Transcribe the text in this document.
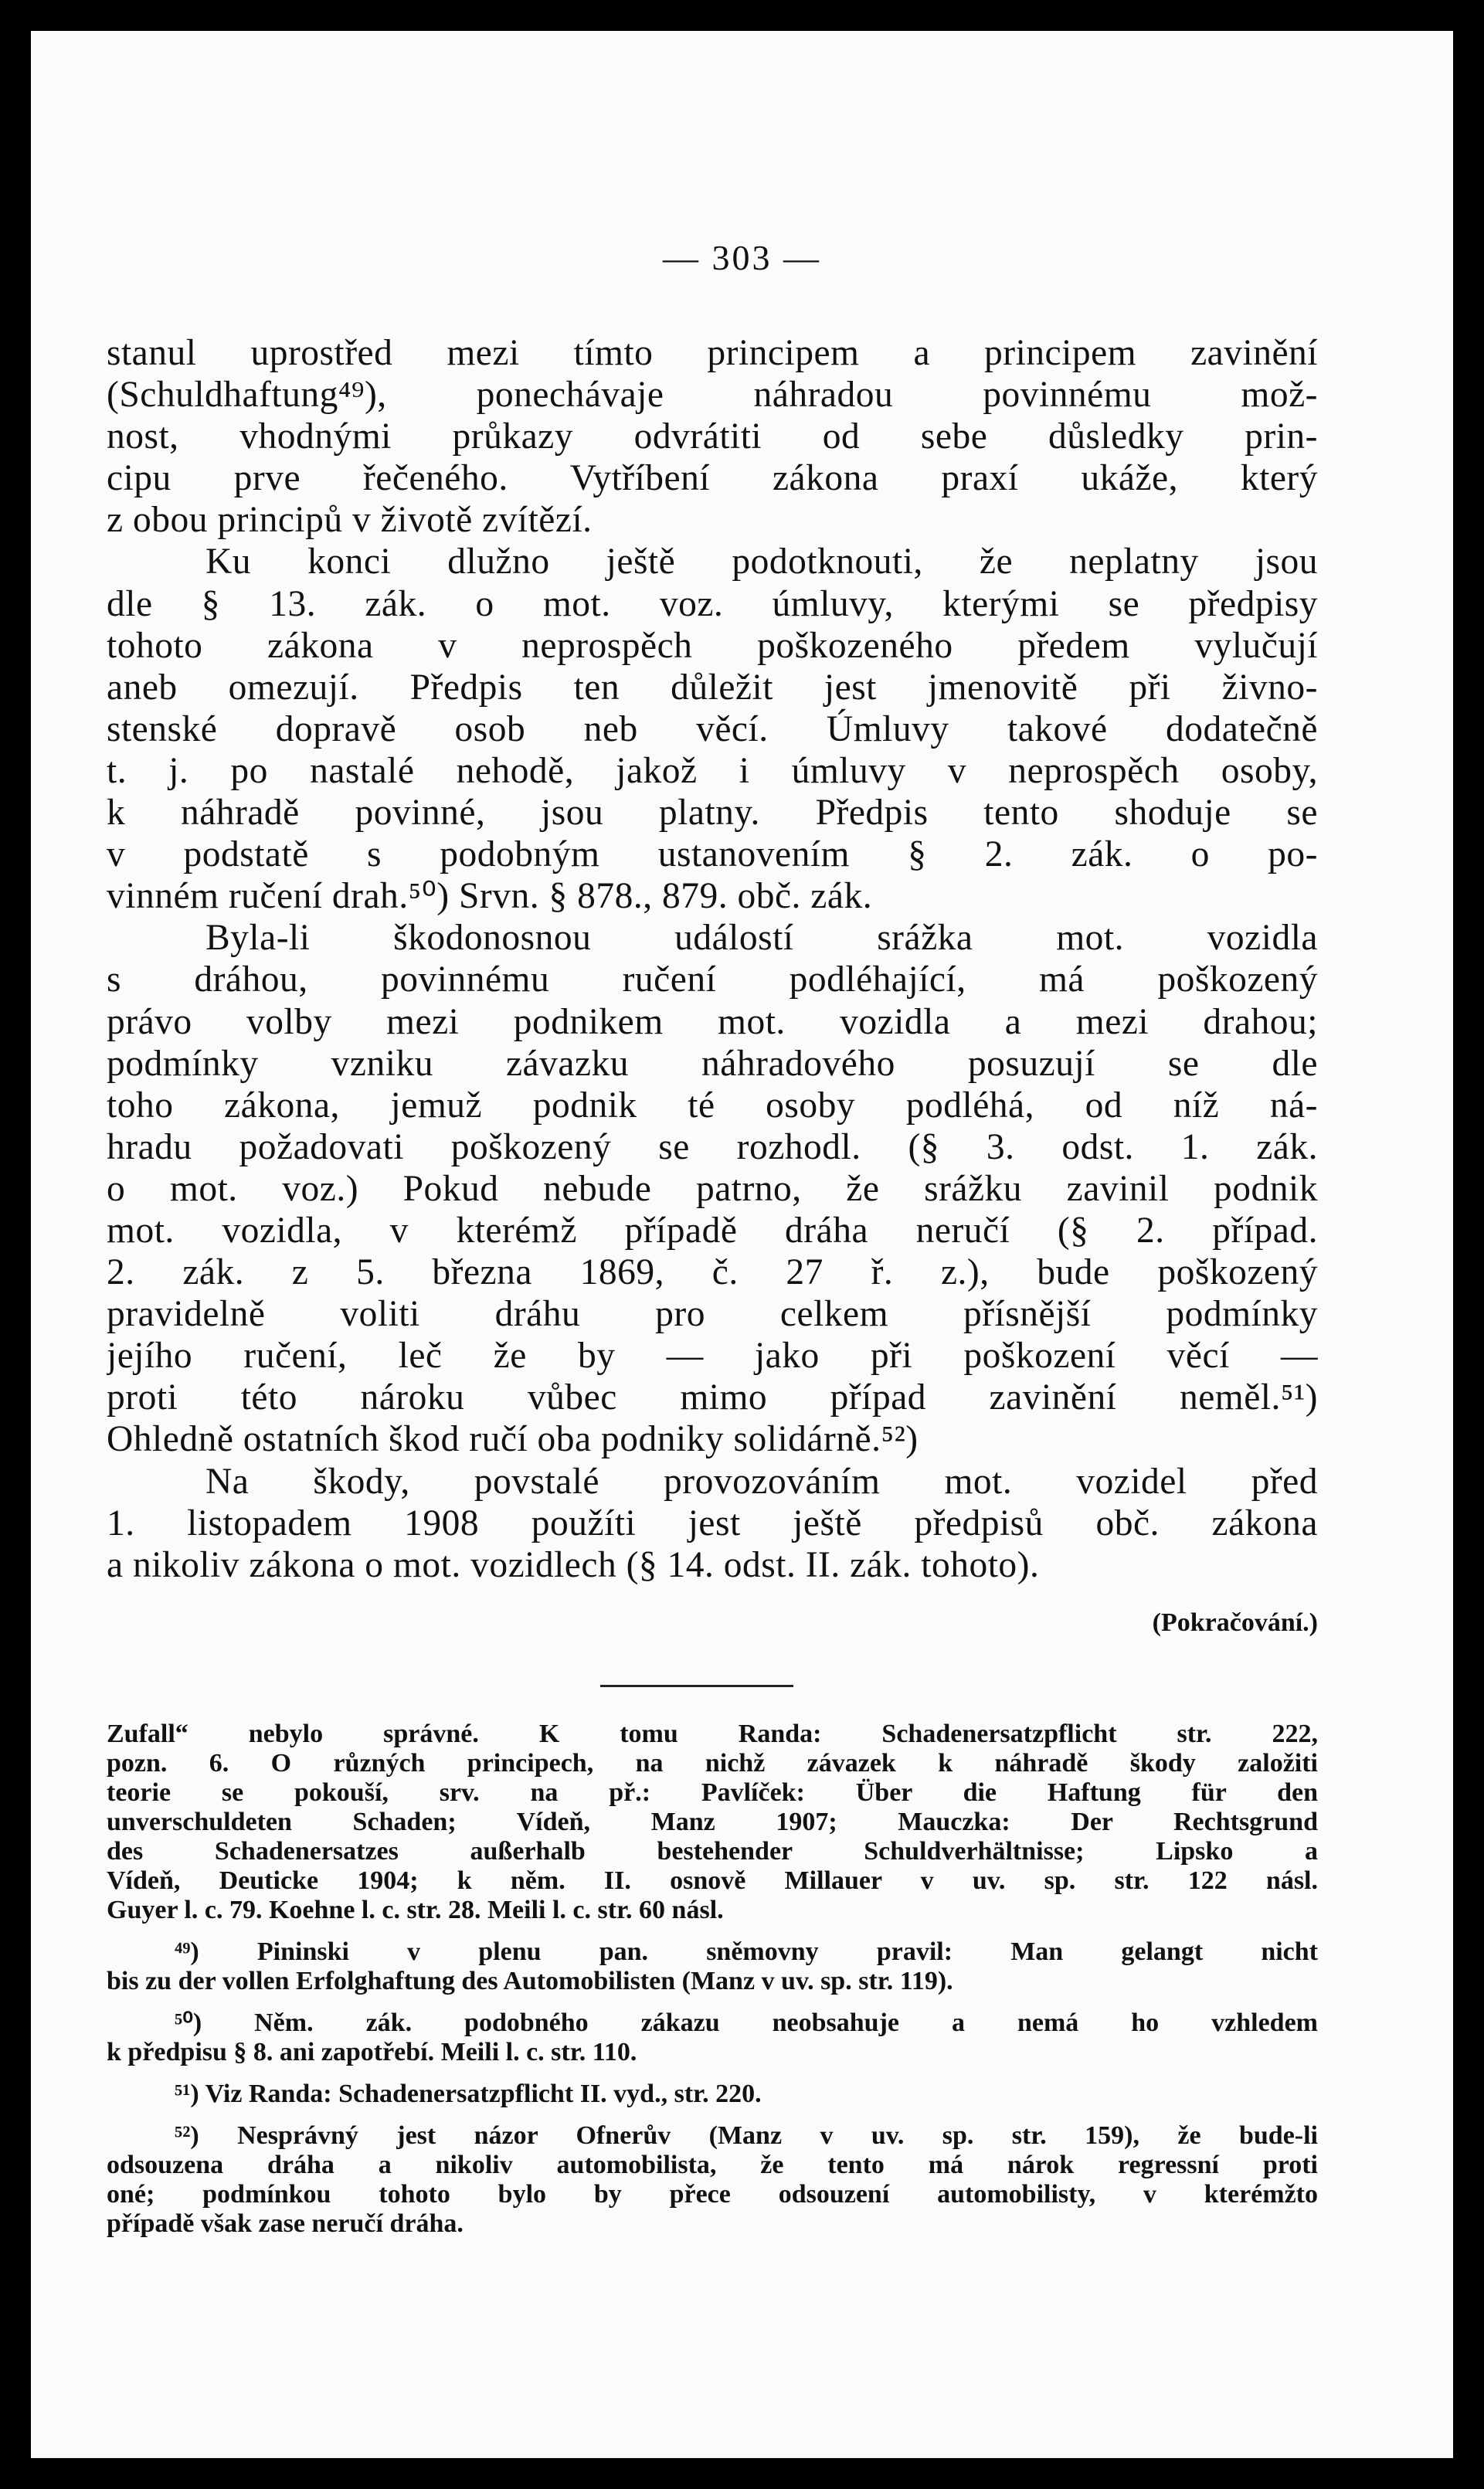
— 303 —
stanul uprostřed mezi tímto principem a principem zavinění
(Schuldhaftung⁴⁹), ponechávaje náhradou povinnému mož-
nost, vhodnými průkazy odvrátiti od sebe důsledky prin-
cipu prve řečeného. Vytříbení zákona praxí ukáže, který
z obou principů v životě zvítězí.
Ku konci dlužno ještě podotknouti, že neplatny jsou
dle § 13. zák. o mot. voz. úmluvy, kterými se předpisy
tohoto zákona v neprospěch poškozeného předem vylučují
aneb omezují. Předpis ten důležit jest jmenovitě při živno-
stenské dopravě osob neb věcí. Úmluvy takové dodatečně
t. j. po nastalé nehodě, jakož i úmluvy v neprospěch osoby,
k náhradě povinné, jsou platny. Předpis tento shoduje se
v podstatě s podobným ustanovením § 2. zák. o po-
vinném ručení drah.⁵⁰) Srvn. § 878., 879. obč. zák.
Byla-li škodonosnou událostí srážka mot. vozidla
s dráhou, povinnému ručení podléhající, má poškozený
právo volby mezi podnikem mot. vozidla a mezi drahou;
podmínky vzniku závazku náhradového posuzují se dle
toho zákona, jemuž podnik té osoby podléhá, od níž ná-
hradu požadovati poškozený se rozhodl. (§ 3. odst. 1. zák.
o mot. voz.) Pokud nebude patrno, že srážku zavinil podnik
mot. vozidla, v kterémž případě dráha neručí (§ 2. případ.
2. zák. z 5. března 1869, č. 27 ř. z.), bude poškozený
pravidelně voliti dráhu pro celkem přísnější podmínky
jejího ručení, leč že by — jako při poškození věcí —
proti této nároku vůbec mimo případ zavinění neměl.⁵¹)
Ohledně ostatních škod ručí oba podniky solidárně.⁵²)
Na škody, povstalé provozováním mot. vozidel před
1. listopadem 1908 použíti jest ještě předpisů obč. zákona
a nikoliv zákona o mot. vozidlech (§ 14. odst. II. zák. tohoto).
(Pokračování.)
Zufall“ nebylo správné. K tomu Randa: Schadenersatzpflicht str. 222,
pozn. 6. O různých principech, na nichž závazek k náhradě škody založiti
teorie se pokouší, srv. na př.: Pavlíček: Über die Haftung für den
unverschuldeten Schaden; Vídeň, Manz 1907; Mauczka: Der Rechtsgrund
des Schadenersatzes außerhalb bestehender Schuldverhältnisse; Lipsko a
Vídeň, Deuticke 1904; k něm. II. osnově Millauer v uv. sp. str. 122 násl.
Guyer l. c. 79. Koehne l. c. str. 28. Meili l. c. str. 60 násl.
⁴⁹) Pininski v plenu pan. sněmovny pravil: Man gelangt nicht
bis zu der vollen Erfolghaftung des Automobilisten (Manz v uv. sp. str. 119).
⁵⁰) Něm. zák. podobného zákazu neobsahuje a nemá ho vzhledem
k předpisu § 8. ani zapotřebí. Meili l. c. str. 110.
⁵¹) Viz Randa: Schadenersatzpflicht II. vyd., str. 220.
⁵²) Nesprávný jest názor Ofnerův (Manz v uv. sp. str. 159), že bude-li
odsouzena dráha a nikoliv automobilista, že tento má nárok regressní proti
oné; podmínkou tohoto bylo by přece odsouzení automobilisty, v kterémžto
případě však zase neručí dráha.
